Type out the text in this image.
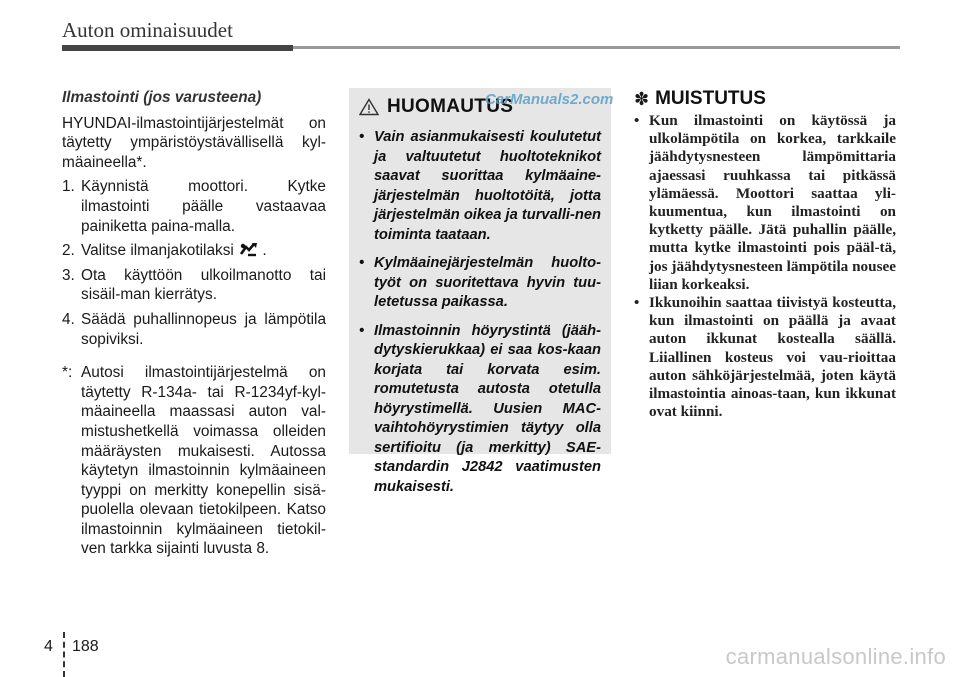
Auton ominaisuudet
Ilmastointi (jos varusteena)
HYUNDAI-ilmastointijärjestelmät on täytetty ympäristöystävällisellä kyl-mäaineella*.
1. Käynnistä moottori. Kytke ilmastointi päälle vastaavaa painiketta paina-malla.
2. Valitse ilmanjakotilaksi  .
3. Ota käyttöön ulkoilmanotto tai sisäil-man kierrätys.
4. Säädä puhallinnopeus ja lämpötila sopiviksi.
*: Autosi ilmastointijärjestelmä on täytetty R-134a- tai R-1234yf-kyl-mäaineella maassasi auton val-mistushetkellä voimassa olleiden määräysten mukaisesti. Autossa käytetyn ilmastoinnin kylmäaineen tyyppi on merkitty konepellin sisä-puolella olevaan tietokilpeen. Katso ilmastoinnin kylmäaineen tietokil-ven tarkka sijainti luvusta 8.
HUOMAUTUS
• Vain asianmukaisesti koulutetut ja valtuutetut huoltoteknikot saavat suorittaa kylmäaine-järjestelmän huoltotöitä, jotta järjestelmän oikea ja turvalli-nen toiminta taataan.
• Kylmäainejärjestelmän huolto-työt on suoritettava hyvin tuu-letetussa paikassa.
• Ilmastoinnin höyrystintä (jääh-dytyskierukkaa) ei saa kos-kaan korjata tai korvata esim. romutetusta autosta otetulla höyrystimellä. Uusien MAC-vaihtohöyrystimien täytyy olla sertifioitu (ja merkitty) SAE-standardin J2842 vaatimusten mukaisesti.
CarManuals2.com ✽ MUISTUTUS
• Kun ilmastointi on käytössä ja ulkolämpötila on korkea, tarkkaile jäähdytysnesteen lämpömittaria ajaessasi ruuhkassa tai pitkässä ylämäessä. Moottori saattaa yli-kuumentua, kun ilmastointi on kytketty päälle. Jätä puhallin päälle, mutta kytke ilmastointi pois pääl-tä, jos jäähdytysnesteen lämpötila nousee liian korkeaksi.
• Ikkunoihin saattaa tiivistyä kosteutta, kun ilmastointi on päällä ja avaat auton ikkunat kostealla säällä. Liiallinen kosteus voi vau-rioittaa auton sähköjärjestelmää, joten käytä ilmastointia ainoas-taan, kun ikkunat ovat kiinni.
4 188	carmanualsonline.info
